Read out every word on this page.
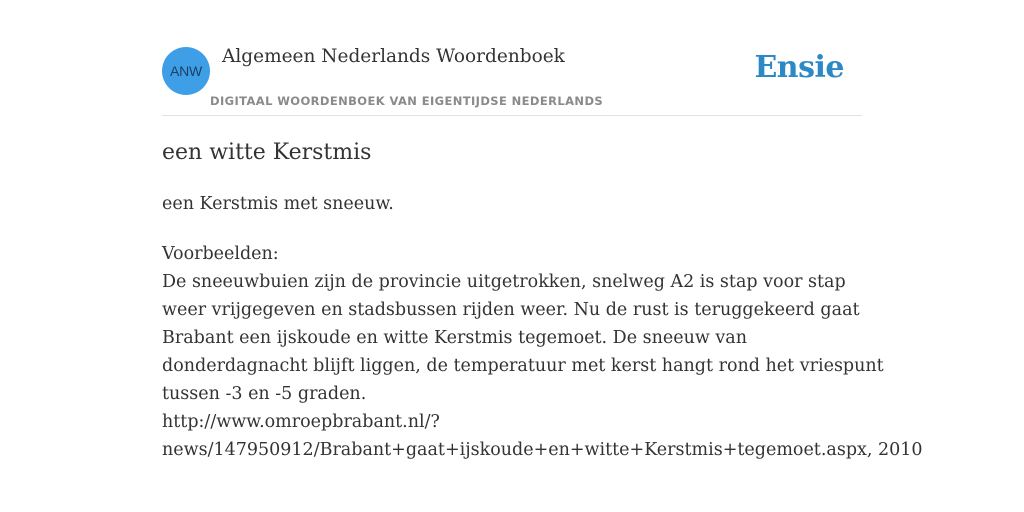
ANW
Algemeen Nederlands Woordenboek
DIGITAAL WOORDENBOEK VAN EIGENTIJDSE NEDERLANDS
Ensie
een witte Kerstmis
een Kerstmis met sneeuw.
Voorbeelden:
De sneeuwbuien zijn de provincie uitgetrokken, snelweg A2 is stap voor stap
weer vrijgegeven en stadsbussen rijden weer. Nu de rust is teruggekeerd gaat
Brabant een ijskoude en witte Kerstmis tegemoet. De sneeuw van
donderdagnacht blijft liggen, de temperatuur met kerst hangt rond het vriespunt
tussen -3 en -5 graden.
http://www.omroepbrabant.nl/?
news/147950912/Brabant+gaat+ijskoude+en+witte+Kerstmis+tegemoet.aspx, 2010
